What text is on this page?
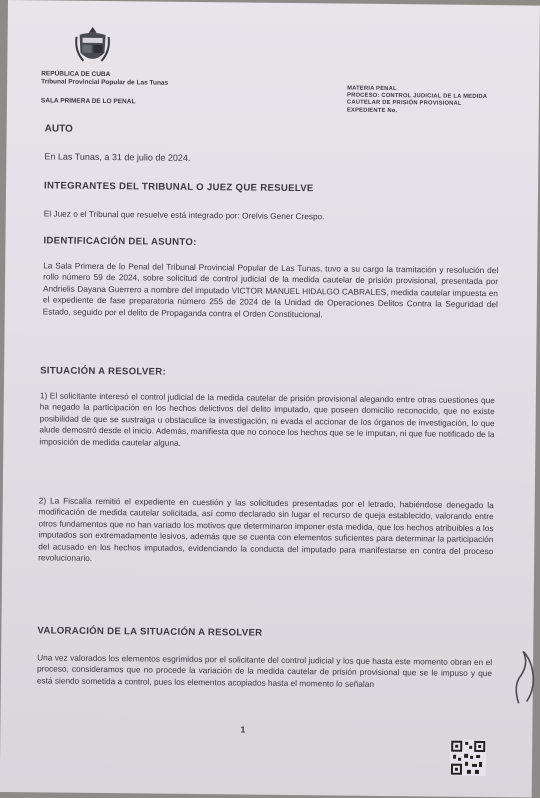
REPÚBLICA DE CUBA
Tribunal Provincial Popular de Las Tunas
SALA PRIMERA DE LO PENAL
MATERIA PENAL
PROCESO: CONTROL JUDICIAL DE LA MEDIDA
CAUTELAR DE PRISIÓN PROVISIONAL
EXPEDIENTE No.
AUTO
En Las Tunas, a 31 de julio de 2024.
INTEGRANTES DEL TRIBUNAL O JUEZ QUE RESUELVE
El Juez o el Tribunal que resuelve está integrado por: Orelvis Gener Crespo.
IDENTIFICACIÓN DEL ASUNTO:
La Sala Primera de lo Penal del Tribunal Provincial Popular de Las Tunas, tuvo a su cargo la tramitación y resolución del rollo número 59 de 2024, sobre solicitud de control judicial de la medida cautelar de prisión provisional, presentada por Andrielis Dayana Guerrero a nombre del imputado VICTOR MANUEL HIDALGO CABRALES, medida cautelar impuesta en el expediente de fase preparatoria número 255 de 2024 de la Unidad de Operaciones Delitos Contra la Seguridad del Estado, seguido por el delito de Propaganda contra el Orden Constitucional.
SITUACIÓN A RESOLVER:
1) El solicitante interesó el control judicial de la medida cautelar de prisión provisional alegando entre otras cuestiones que ha negado la participación en los hechos delictivos del delito imputado, que poseen domicilio reconocido, que no existe posibilidad de que se sustraiga u obstaculice la investigación, ni evada el accionar de los órganos de investigación, lo que alude demostró desde el inicio. Además, manifiesta que no conoce los hechos que se le imputan, ni que fue notificado de la imposición de medida cautelar alguna.
2) La Fiscalía remitió el expediente en cuestión y las solicitudes presentadas por el letrado, habiéndose denegado la modificación de medida cautelar solicitada, así como declarado sin lugar el recurso de queja establecido, valorando entre otros fundamentos que no han variado los motivos que determinaron imponer esta medida, que los hechos atribuibles a los imputados son extremadamente lesivos, además que se cuenta con elementos suficientes para determinar la participación del acusado en los hechos imputados, evidenciando la conducta del imputado para manifestarse en contra del proceso revolucionario.
VALORACIÓN DE LA SITUACIÓN A RESOLVER
Una vez valorados los elementos esgrimidos por el solicitante del control judicial y los que hasta este momento obran en el proceso, consideramos que no procede la variación de la medida cautelar de prisión provisional que se le impuso y que está siendo sometida a control, pues los elementos acopiados hasta el momento lo señalan
1
